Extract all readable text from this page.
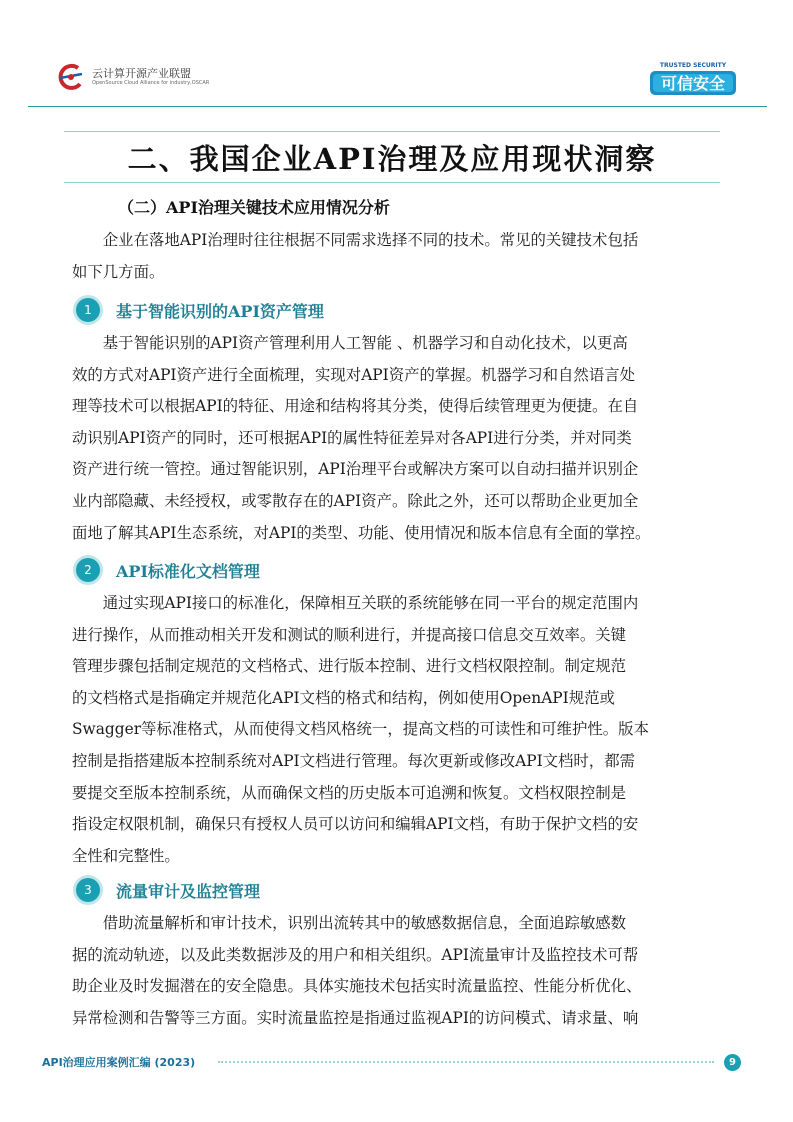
云计算开源产业联盟
OpenSource Cloud Alliance for industry,OSCAR
TRUSTED SECURITY
可信安全
二、我国企业API治理及应用现状洞察
（二）API治理关键技术应用情况分析
　　企业在落地API治理时往往根据不同需求选择不同的技术。常见的关键技术包括
如下几方面。
1	基于智能识别的API资产管理
　　基于智能识别的API资产管理利用人工智能 、机器学习和自动化技术，以更高
效的方式对API资产进行全面梳理，实现对API资产的掌握。机器学习和自然语言处
理等技术可以根据API的特征、用途和结构将其分类，使得后续管理更为便捷。在自
动识别API资产的同时，还可根据API的属性特征差异对各API进行分类，并对同类
资产进行统一管控。通过智能识别，API治理平台或解决方案可以自动扫描并识别企
业内部隐藏、未经授权，或零散存在的API资产。除此之外，还可以帮助企业更加全
面地了解其API生态系统，对API的类型、功能、使用情况和版本信息有全面的掌控。
2	API标准化文档管理
　　通过实现API接口的标准化，保障相互关联的系统能够在同一平台的规定范围内
进行操作，从而推动相关开发和测试的顺利进行，并提高接口信息交互效率。关键
管理步骤包括制定规范的文档格式、进行版本控制、进行文档权限控制。制定规范
的文档格式是指确定并规范化API文档的格式和结构，例如使用OpenAPI规范或
Swagger等标准格式，从而使得文档风格统一，提高文档的可读性和可维护性。版本
控制是指搭建版本控制系统对API文档进行管理。每次更新或修改API文档时，都需
要提交至版本控制系统，从而确保文档的历史版本可追溯和恢复。文档权限控制是
指设定权限机制，确保只有授权人员可以访问和编辑API文档，有助于保护文档的安
全性和完整性。
3	流量审计及监控管理
　　借助流量解析和审计技术，识别出流转其中的敏感数据信息，全面追踪敏感数
据的流动轨迹，以及此类数据涉及的用户和相关组织。API流量审计及监控技术可帮
助企业及时发掘潜在的安全隐患。具体实施技术包括实时流量监控、性能分析优化、
异常检测和告警等三方面。实时流量监控是指通过监视API的访问模式、请求量、响
API治理应用案例汇编 (2023)	9
